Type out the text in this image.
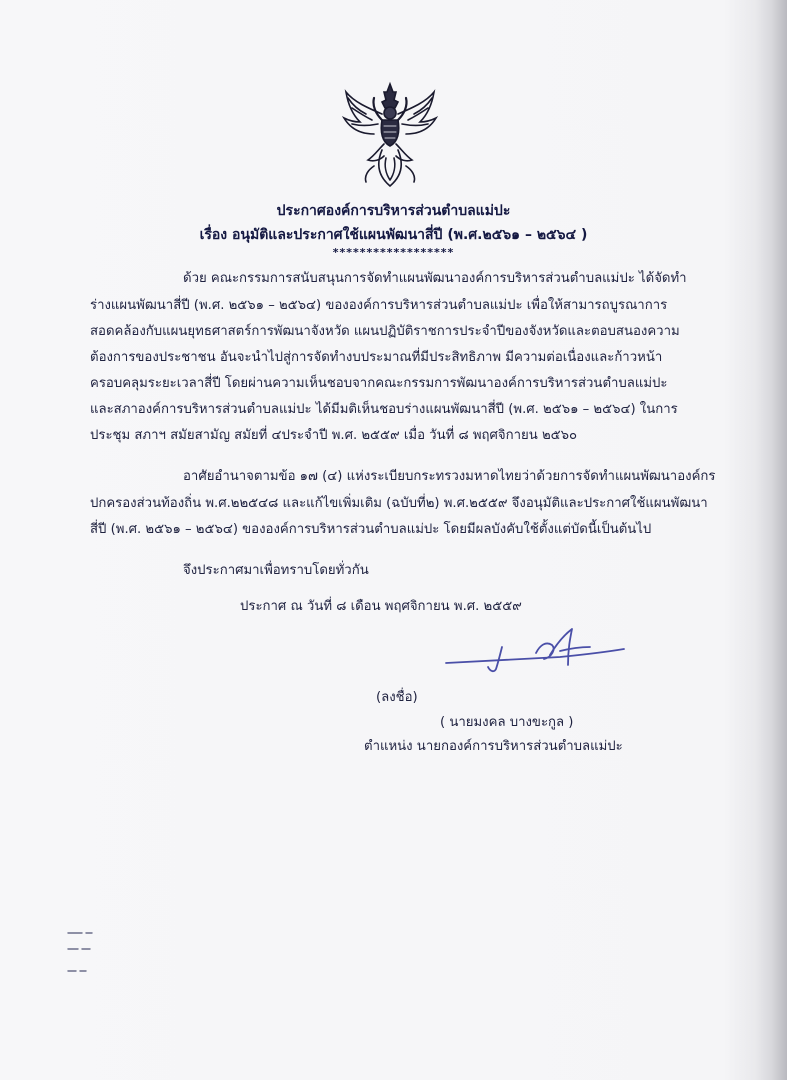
ประกาศองค์การบริหารส่วนตำบลแม่ปะ
เรื่อง อนุมัติและประกาศใช้แผนพัฒนาสี่ปี (พ.ศ.๒๕๖๑ – ๒๕๖๔ )
******************
ด้วย คณะกรรมการสนับสนุนการจัดทำแผนพัฒนาองค์การบริหารส่วนตำบลแม่ปะ ได้จัดทำ
ร่างแผนพัฒนาสี่ปี (พ.ศ. ๒๕๖๑ – ๒๕๖๔) ขององค์การบริหารส่วนตำบลแม่ปะ เพื่อให้สามารถบูรณาการ
สอดคล้องกับแผนยุทธศาสตร์การพัฒนาจังหวัด แผนปฏิบัติราชการประจำปีของจังหวัดและตอบสนองความ
ต้องการของประชาชน อันจะนำไปสู่การจัดทำงบประมาณที่มีประสิทธิภาพ มีความต่อเนื่องและก้าวหน้า
ครอบคลุมระยะเวลาสี่ปี โดยผ่านความเห็นชอบจากคณะกรรมการพัฒนาองค์การบริหารส่วนตำบลแม่ปะ
และสภาองค์การบริหารส่วนตำบลแม่ปะ ได้มีมติเห็นชอบร่างแผนพัฒนาสี่ปี (พ.ศ. ๒๕๖๑ – ๒๕๖๔) ในการ
ประชุม สภาฯ สมัยสามัญ สมัยที่ ๔ประจำปี พ.ศ. ๒๕๕๙ เมื่อ วันที่ ๘ พฤศจิกายน ๒๕๖๐
อาศัยอำนาจตามข้อ ๑๗ (๔) แห่งระเบียบกระทรวงมหาดไทยว่าด้วยการจัดทำแผนพัฒนาองค์กร
ปกครองส่วนท้องถิ่น พ.ศ.๒๒๕๔๘ และแก้ไขเพิ่มเติม (ฉบับที่๒) พ.ศ.๒๕๕๙ จึงอนุมัติและประกาศใช้แผนพัฒนา
สี่ปี (พ.ศ. ๒๕๖๑ – ๒๕๖๔) ขององค์การบริหารส่วนตำบลแม่ปะ โดยมีผลบังคับใช้ตั้งแต่บัดนี้เป็นต้นไป
จึงประกาศมาเพื่อทราบโดยทั่วกัน
ประกาศ ณ วันที่ ๘ เดือน พฤศจิกายน พ.ศ. ๒๕๕๙
(ลงชื่อ)
( นายมงคล บางขะกูล )
ตำแหน่ง นายกองค์การบริหารส่วนตำบลแม่ปะ
